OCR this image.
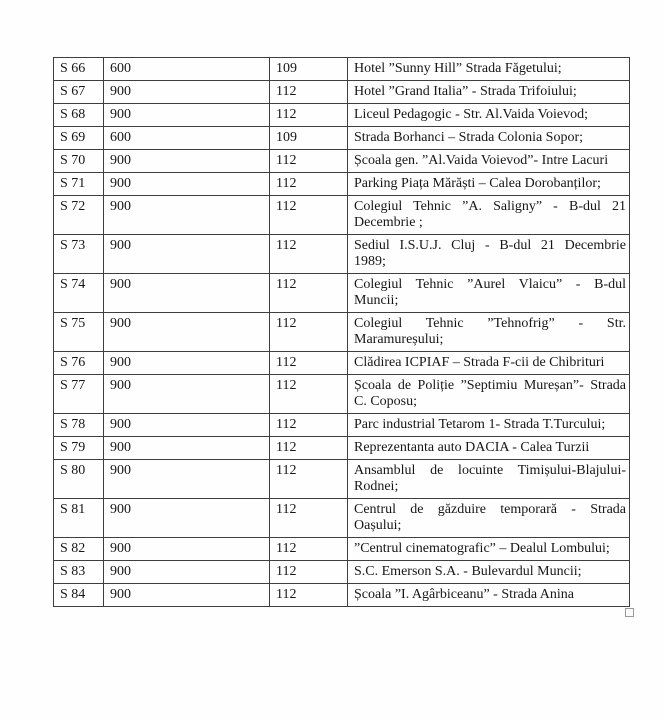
S 66	600	109	Hotel ”Sunny Hill” Strada Făgetului;

S 67	900	112	Hotel ”Grand Italia” - Strada Trifoiului;

S 68	900	112	Liceul Pedagogic - Str. Al.Vaida Voievod;

S 69	600	109	Strada Borhanci – Strada Colonia Sopor;

S 70	900	112	Școala gen. ”Al.Vaida Voievod”- Intre Lacuri

S 71	900	112	Parking Piața Mărăști – Calea Dorobanților;

S 72	900	112	Colegiul Tehnic ”A. Saligny” - B-dul 21
Decembrie ;

S 73	900	112	Sediul I.S.U.J. Cluj - B-dul 21 Decembrie
1989;

S 74	900	112	Colegiul Tehnic ”Aurel Vlaicu” - B-dul
Muncii;

S 75	900	112	Colegiul Tehnic ”Tehnofrig” - Str.
Maramureșului;

S 76	900	112	Clădirea ICPIAF – Strada F-cii de Chibrituri

S 77	900	112	Școala de Poliție ”Septimiu Mureșan”- Strada
C. Coposu;

S 78	900	112	Parc industrial Tetarom 1- Strada T.Turcului;

S 79	900	112	Reprezentanta auto DACIA - Calea Turzii

S 80	900	112	Ansamblul de locuinte Timișului-Blajului-
Rodnei;

S 81	900	112	Centrul de găzduire temporară - Strada
Oașului;

S 82	900	112	”Centrul cinematografic” – Dealul Lombului;

S 83	900	112	S.C. Emerson S.A. - Bulevardul Muncii;

S 84	900	112	Școala ”I. Agârbiceanu” - Strada Anina
